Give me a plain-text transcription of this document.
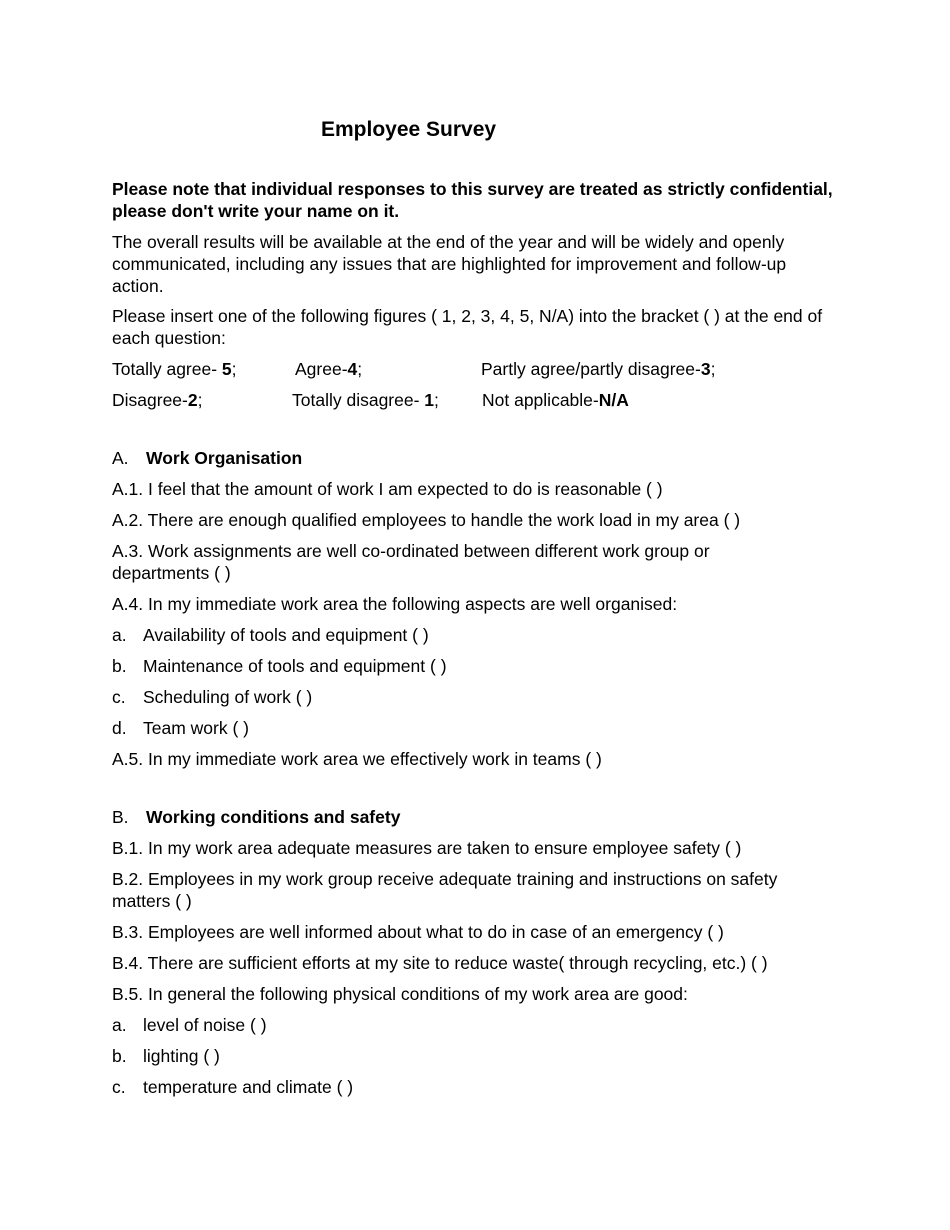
Employee Survey
Please note that individual responses to this survey are treated as strictly confidential, please don't write your name on it.
The overall results will be available at the end of the year and will be widely and openly communicated, including any issues that are highlighted for improvement and follow-up action.
Please insert one of the following figures ( 1, 2, 3, 4, 5, N/A) into the bracket ( ) at the end of each question:
Totally agree- 5;	Agree-4;	Partly agree/partly disagree-3;
Disagree-2;	Totally disagree- 1; Not applicable-N/A
A. Work Organisation
A.1. I feel that the amount of work I am expected to do is reasonable ( )
A.2. There are enough qualified employees to handle the work load in my area ( )
A.3. Work assignments are well co-ordinated between different work group or
departments ( )
A.4. In my immediate work area the following aspects are well organised:
a. Availability of tools and equipment ( )
b. Maintenance of tools and equipment ( )
c. Scheduling of work ( )
d. Team work ( )
A.5. In my immediate work area we effectively work in teams ( )
B. Working conditions and safety
B.1. In my work area adequate measures are taken to ensure employee safety ( )
B.2. Employees in my work group receive adequate training and instructions on safety
matters ( )
B.3. Employees are well informed about what to do in case of an emergency ( )
B.4. There are sufficient efforts at my site to reduce waste( through recycling, etc.) ( )
B.5. In general the following physical conditions of my work area are good:
a. level of noise ( )
b. lighting ( )
c. temperature and climate ( )
